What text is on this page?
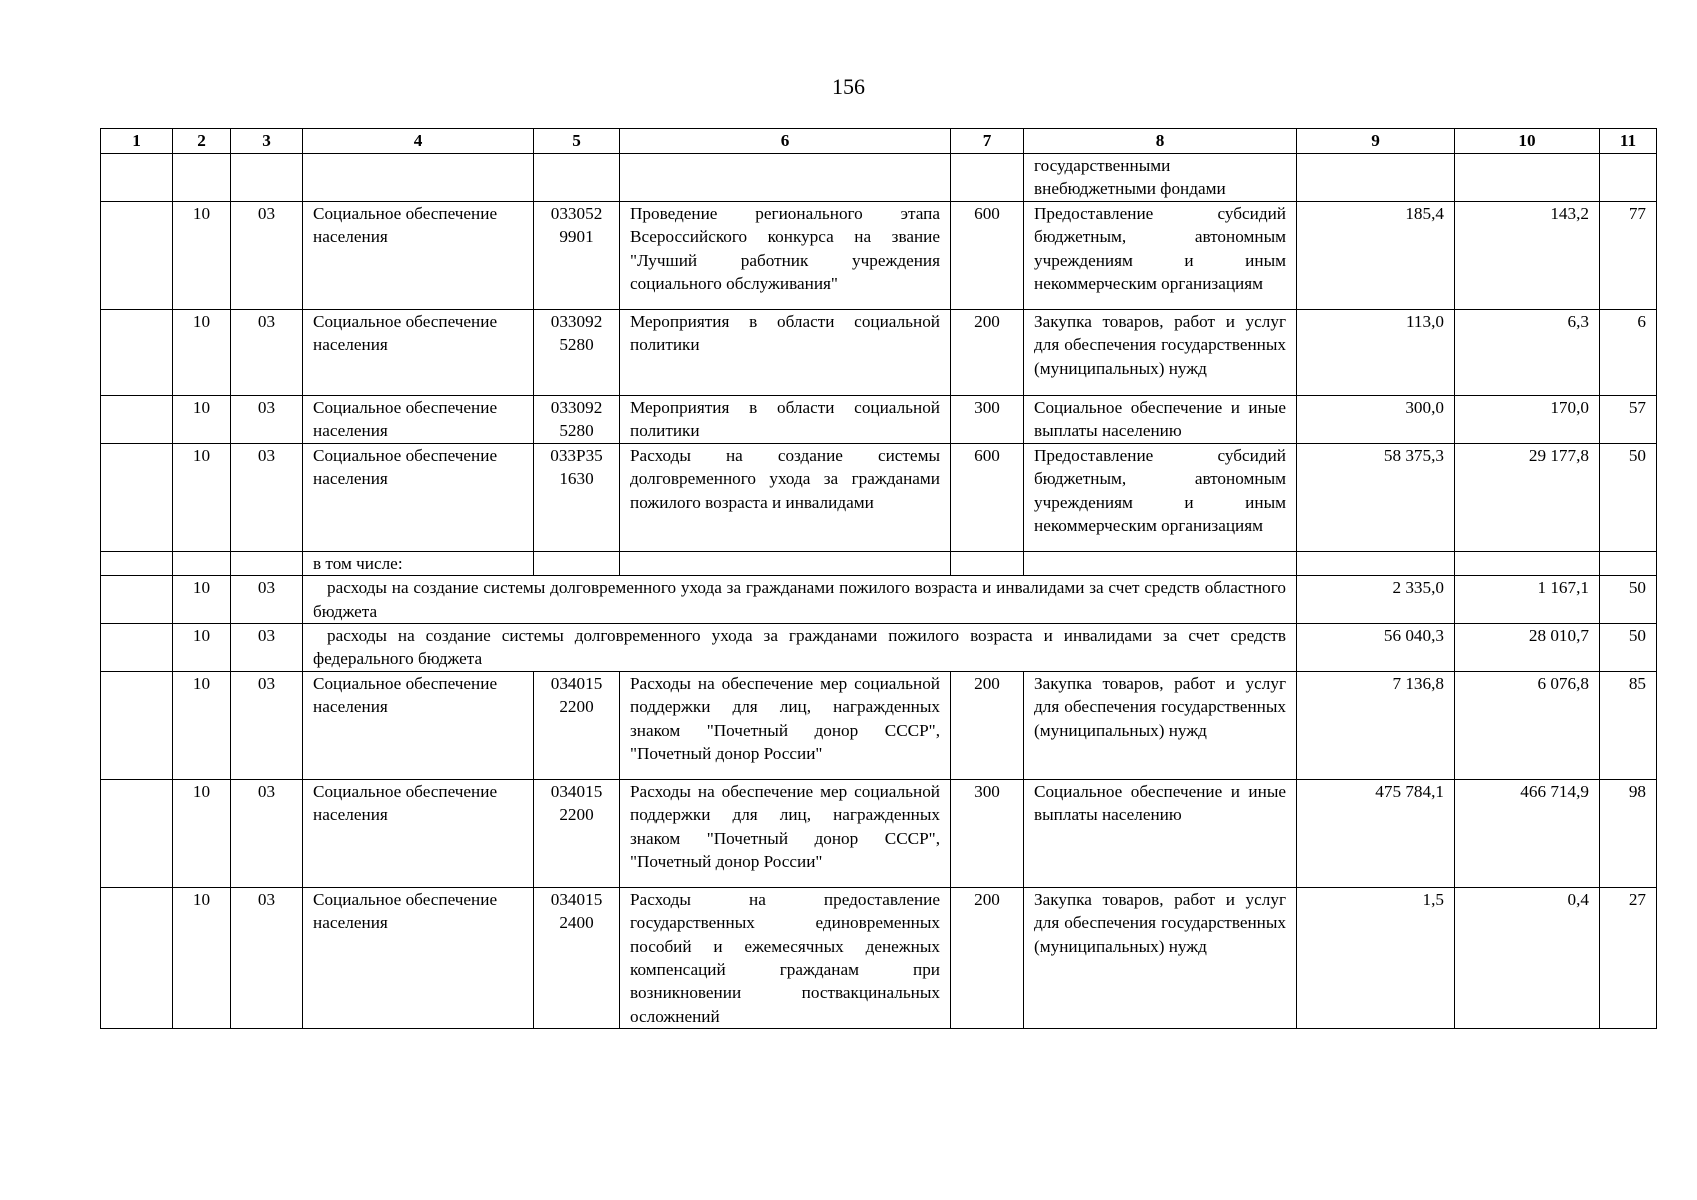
156
1	2	3	4	5	6	7	8	9	10	11
							государственными внебюджетными фондами			
	10	03	Социальное обеспечение населения	033052 9901	Проведение регионального этапа Всероссийского конкурса на звание "Лучший работник учреждения социального обслуживания"	600	Предоставление субсидий бюджетным, автономным учреждениям и иным некоммерческим организациям	185,4	143,2	77
	10	03	Социальное обеспечение населения	033092 5280	Мероприятия в области социальной политики	200	Закупка товаров, работ и услуг для обеспечения государственных (муниципальных) нужд	113,0	6,3	6
	10	03	Социальное обеспечение населения	033092 5280	Мероприятия в области социальной политики	300	Социальное обеспечение и иные выплаты населению	300,0	170,0	57
	10	03	Социальное обеспечение населения	033Р35 1630	Расходы на создание системы долговременного ухода за гражданами пожилого возраста и инвалидами	600	Предоставление субсидий бюджетным, автономным учреждениям и иным некоммерческим организациям	58 375,3	29 177,8	50
			в том числе:							
	10	03	расходы на создание системы долговременного ухода за гражданами пожилого возраста и инвалидами за счет средств областного бюджета					2 335,0	1 167,1	50
	10	03	расходы на создание системы долговременного ухода за гражданами пожилого возраста и инвалидами за счет средств федерального бюджета					56 040,3	28 010,7	50
	10	03	Социальное обеспечение населения	034015 2200	Расходы на обеспечение мер социальной поддержки для лиц, награжденных знаком "Почетный донор СССР", "Почетный донор России"	200	Закупка товаров, работ и услуг для обеспечения государственных (муниципальных) нужд	7 136,8	6 076,8	85
	10	03	Социальное обеспечение населения	034015 2200	Расходы на обеспечение мер социальной поддержки для лиц, награжденных знаком "Почетный донор СССР", "Почетный донор России"	300	Социальное обеспечение и иные выплаты населению	475 784,1	466 714,9	98
	10	03	Социальное обеспечение населения	034015 2400	Расходы на предоставление государственных единовременных пособий и ежемесячных денежных компенсаций гражданам при возникновении поствакцинальных осложнений	200	Закупка товаров, работ и услуг для обеспечения государственных (муниципальных) нужд	1,5	0,4	27
